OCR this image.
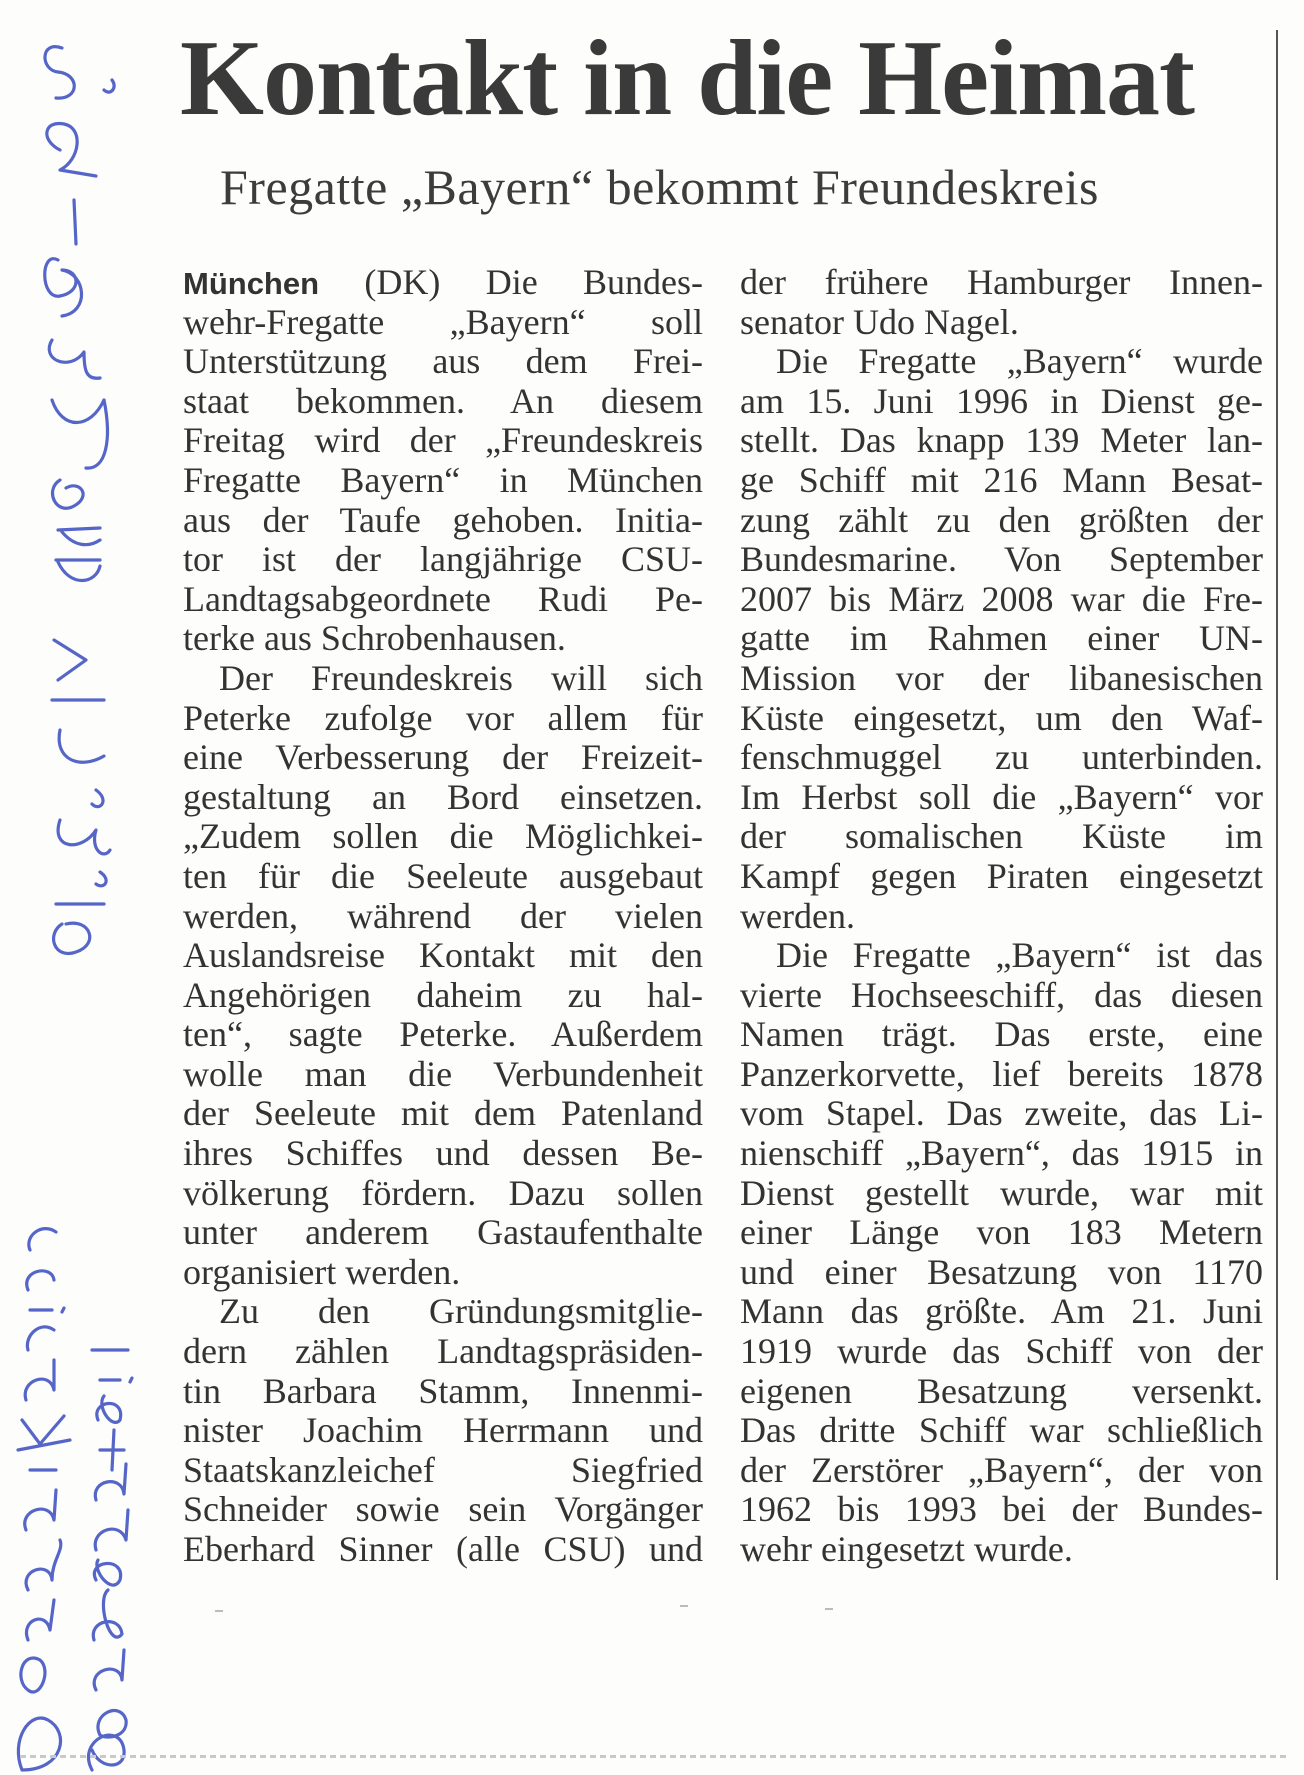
Kontakt in die Heimat
Fregatte „Bayern“ bekommt Freundeskreis
München (DK) Die Bundes-
wehr-Fregatte „Bayern“ soll
Unterstützung aus dem Frei-
staat bekommen. An diesem
Freitag wird der „Freundeskreis
Fregatte Bayern“ in München
aus der Taufe gehoben. Initia-
tor ist der langjährige CSU-
Landtagsabgeordnete Rudi Pe-
terke aus Schrobenhausen.
Der Freundeskreis will sich
Peterke zufolge vor allem für
eine Verbesserung der Freizeit-
gestaltung an Bord einsetzen.
„Zudem sollen die Möglichkei-
ten für die Seeleute ausgebaut
werden, während der vielen
Auslandsreise Kontakt mit den
Angehörigen daheim zu hal-
ten“, sagte Peterke. Außerdem
wolle man die Verbundenheit
der Seeleute mit dem Patenland
ihres Schiffes und dessen Be-
völkerung fördern. Dazu sollen
unter anderem Gastaufenthalte
organisiert werden.
Zu den Gründungsmitglie-
dern zählen Landtagspräsiden-
tin Barbara Stamm, Innenmi-
nister Joachim Herrmann und
Staatskanzleichef Siegfried
Schneider sowie sein Vorgänger
Eberhard Sinner (alle CSU) und
der frühere Hamburger Innen-
senator Udo Nagel.
Die Fregatte „Bayern“ wurde
am 15. Juni 1996 in Dienst ge-
stellt. Das knapp 139 Meter lan-
ge Schiff mit 216 Mann Besat-
zung zählt zu den größten der
Bundesmarine. Von September
2007 bis März 2008 war die Fre-
gatte im Rahmen einer UN-
Mission vor der libanesischen
Küste eingesetzt, um den Waf-
fenschmuggel zu unterbinden.
Im Herbst soll die „Bayern“ vor
der somalischen Küste im
Kampf gegen Piraten eingesetzt
werden.
Die Fregatte „Bayern“ ist das
vierte Hochseeschiff, das diesen
Namen trägt. Das erste, eine
Panzerkorvette, lief bereits 1878
vom Stapel. Das zweite, das Li-
nienschiff „Bayern“, das 1915 in
Dienst gestellt wurde, war mit
einer Länge von 183 Metern
und einer Besatzung von 1170
Mann das größte. Am 21. Juni
1919 wurde das Schiff von der
eigenen Besatzung versenkt.
Das dritte Schiff war schließlich
der Zerstörer „Bayern“, der von
1962 bis 1993 bei der Bundes-
wehr eingesetzt wurde.
